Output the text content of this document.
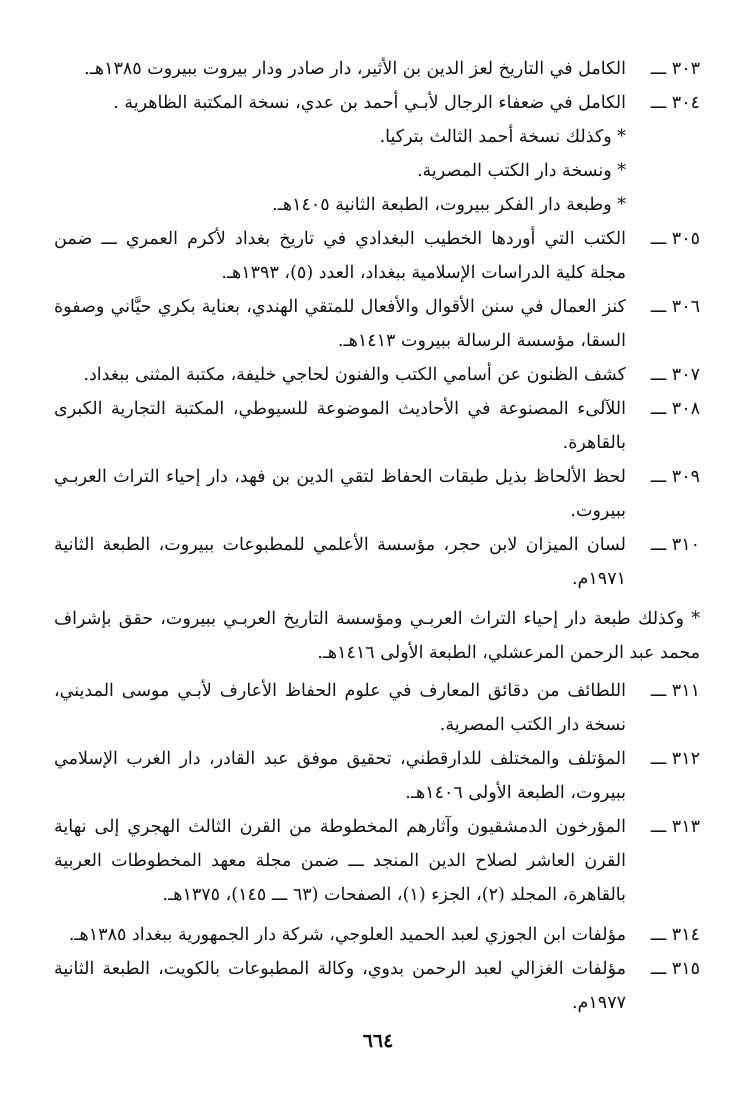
٣٠٣ ـــ
الكامل في التاريخ لعز الدين بن الأثير، دار صادر ودار بيروت ببيروت ١٣٨٥هـ.
٣٠٤ ـــ
الكامل في ضعفاء الرجال لأبـي أحمد بن عدي، نسخة المكتبة الظاهرية .
* وكذلك نسخة أحمد الثالث بتركيا.
* ونسخة دار الكتب المصرية.
* وطبعة دار الفكر ببيروت، الطبعة الثانية ١٤٠٥هـ.
٣٠٥ ـــ
الكتب التي أوردها الخطيب البغدادي في تاريخ بغداد لأكرم العمري ـــ ضمن مجلة كلية الدراسات الإسلامية ببغداد، العدد (٥)، ١٣٩٣هـ.
٣٠٦ ـــ
كنز العمال في سنن الأقوال والأفعال للمتقي الهندي، بعناية بكري حيَّاني وصفوة السقا، مؤسسة الرسالة ببيروت ١٤١٣هـ.
٣٠٧ ـــ
كشف الظنون عن أسامي الكتب والفنون لحاجي خليفة، مكتبة المثنى ببغداد.
٣٠٨ ـــ
اللآلىء المصنوعة في الأحاديث الموضوعة للسيوطي، المكتبة التجارية الكبرى بالقاهرة.
٣٠٩ ـــ
لحظ الألحاظ بذيل طبقات الحفاظ لتقي الدين بن فهد، دار إحياء التراث العربـي ببيروت.
٣١٠ ـــ
لسان الميزان لابن حجر، مؤسسة الأعلمي للمطبوعات ببيروت، الطبعة الثانية ١٩٧١م.
* وكذلك طبعة دار إحياء التراث العربـي ومؤسسة التاريخ العربـي ببيروت، حقق بإشراف محمد عبد الرحمن المرعشلي، الطبعة الأولى ١٤١٦هـ.
٣١١ ـــ
اللطائف من دقائق المعارف في علوم الحفاظ الأعارف لأبـي موسى المديني، نسخة دار الكتب المصرية.
٣١٢ ـــ
المؤتلف والمختلف للدارقطني، تحقيق موفق عبد القادر، دار الغرب الإسلامي ببيروت، الطبعة الأولى ١٤٠٦هـ.
٣١٣ ـــ
المؤرخون الدمشقيون وآثارهم المخطوطة من القرن الثالث الهجري إلى نهاية القرن العاشر لصلاح الدين المنجد ـــ ضمن مجلة معهد المخطوطات العربية بالقاهرة، المجلد (٢)، الجزء (١)، الصفحات (٦٣ ـــ ١٤٥)، ١٣٧٥هـ.
٣١٤ ـــ
مؤلفات ابن الجوزي لعبد الحميد العلوجي، شركة دار الجمهورية ببغداد ١٣٨٥هـ.
٣١٥ ـــ
مؤلفات الغزالي لعبد الرحمن بدوي، وكالة المطبوعات بالكويت، الطبعة الثانية ١٩٧٧م.
٦٦٤
